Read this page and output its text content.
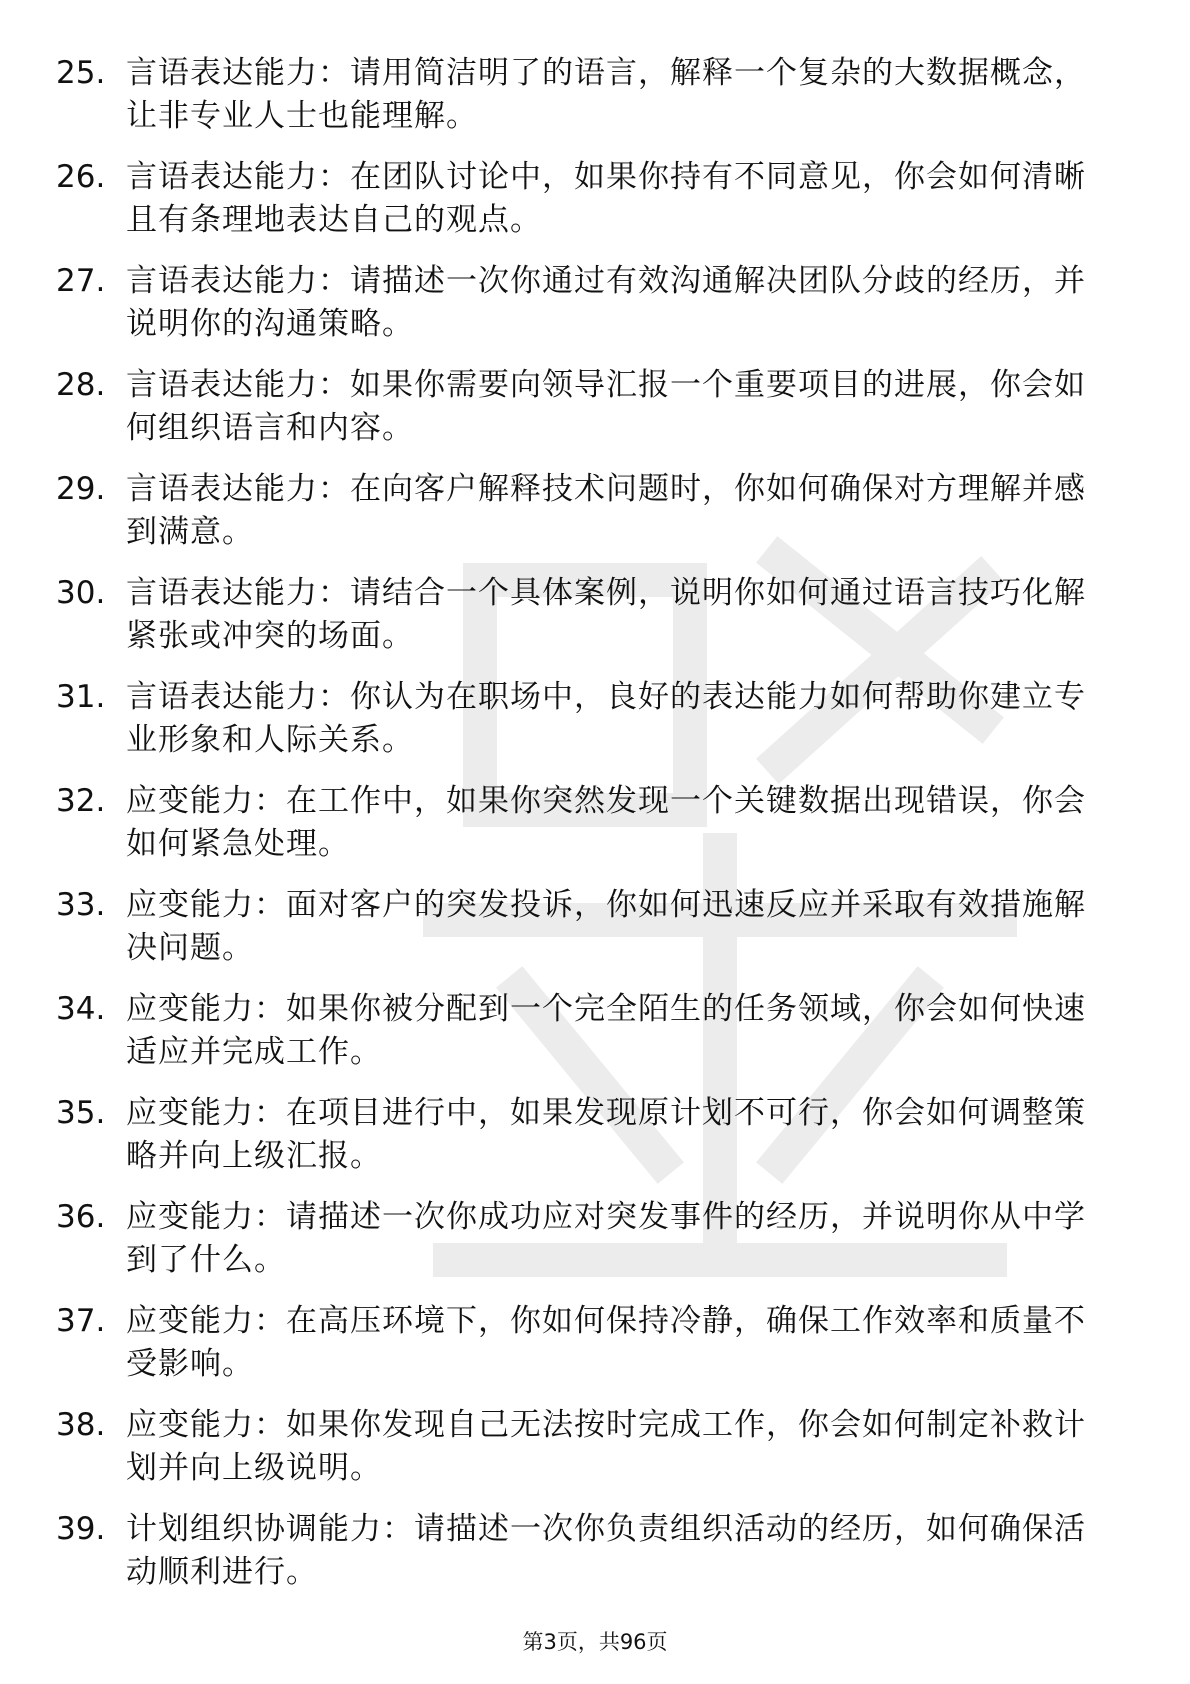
25. 言语表达能力：请用简洁明了的语言，解释一个复杂的大数据概念，让非专业人士也能理解。
26. 言语表达能力：在团队讨论中，如果你持有不同意见，你会如何清晰且有条理地表达自己的观点。
27. 言语表达能力：请描述一次你通过有效沟通解决团队分歧的经历，并说明你的沟通策略。
28. 言语表达能力：如果你需要向领导汇报一个重要项目的进展，你会如何组织语言和内容。
29. 言语表达能力：在向客户解释技术问题时，你如何确保对方理解并感到满意。
30. 言语表达能力：请结合一个具体案例，说明你如何通过语言技巧化解紧张或冲突的场面。
31. 言语表达能力：你认为在职场中，良好的表达能力如何帮助你建立专业形象和人际关系。
32. 应变能力：在工作中，如果你突然发现一个关键数据出现错误，你会如何紧急处理。
33. 应变能力：面对客户的突发投诉，你如何迅速反应并采取有效措施解决问题。
34. 应变能力：如果你被分配到一个完全陌生的任务领域，你会如何快速适应并完成工作。
35. 应变能力：在项目进行中，如果发现原计划不可行，你会如何调整策略并向上级汇报。
36. 应变能力：请描述一次你成功应对突发事件的经历，并说明你从中学到了什么。
37. 应变能力：在高压环境下，你如何保持冷静，确保工作效率和质量不受影响。
38. 应变能力：如果你发现自己无法按时完成工作，你会如何制定补救计划并向上级说明。
39. 计划组织协调能力：请描述一次你负责组织活动的经历，如何确保活动顺利进行。
第3页，共96页
